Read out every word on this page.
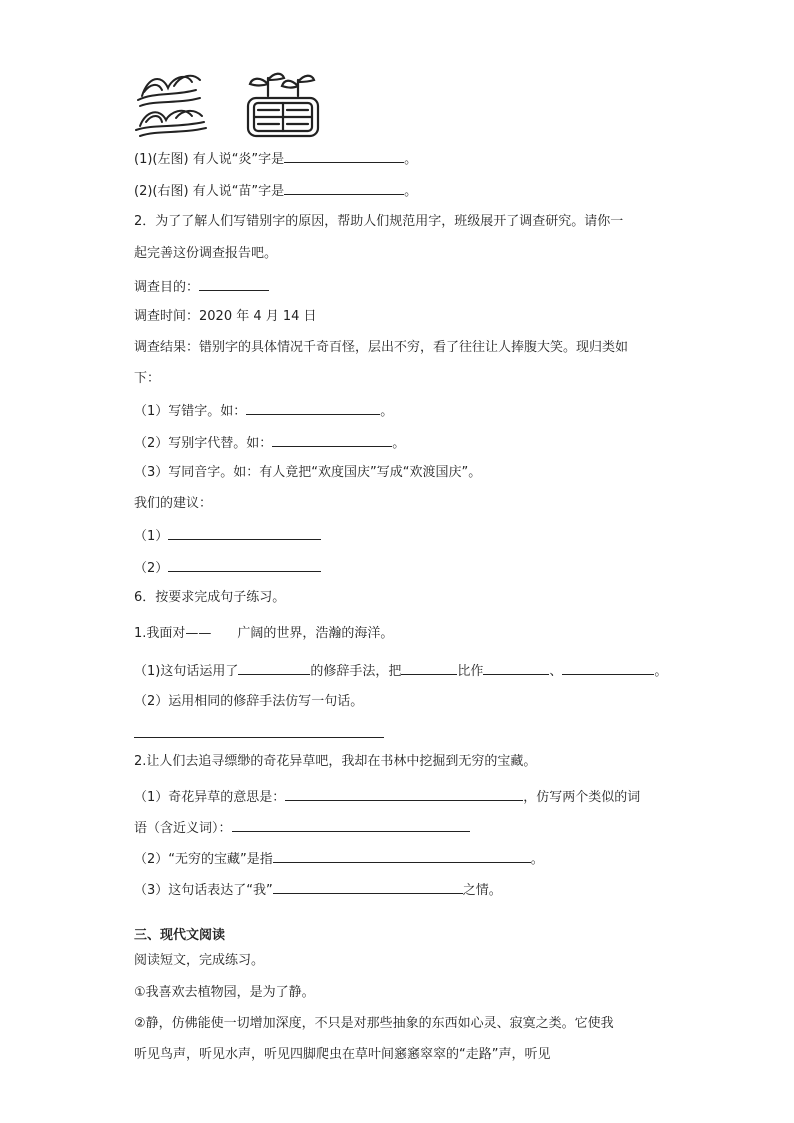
(1)(左图) 有人说“炎”字是	。
(2)(右图) 有人说“苗”字是	。
2．为了了解人们写错别字的原因，帮助人们规范用字，班级展开了调查研究。请你一
起完善这份调查报告吧。
调查目的：
调查时间：2020 年 4 月 14 日
调查结果：错别字的具体情况千奇百怪，层出不穷，看了往往让人捧腹大笑。现归类如
下：
（1）写错字。如：	。
（2）写别字代替。如：	。
（3）写同音字。如：有人竟把“欢度国庆”写成“欢渡国庆”。
我们的建议：
（1）
（2）
6．按要求完成句子练习。
1.我面对——　　广阔的世界，浩瀚的海洋。
（1)这句话运用了	的修辞手法，把	比作	、	。
（2）运用相同的修辞手法仿写一句话。
2.让人们去追寻缥缈的奇花异草吧，我却在书林中挖掘到无穷的宝藏。
（1）奇花异草的意思是：	，仿写两个类似的词
语（含近义词）：
（2）“无穷的宝藏”是指	。
（3）这句话表达了“我”	之情。
三、现代文阅读
阅读短文，完成练习。
①我喜欢去植物园，是为了静。
②静，仿佛能使一切增加深度，不只是对那些抽象的东西如心灵、寂寞之类。它使我
听见鸟声，听见水声，听见四脚爬虫在草叶间窸窸窣窣的“走路”声，听见
